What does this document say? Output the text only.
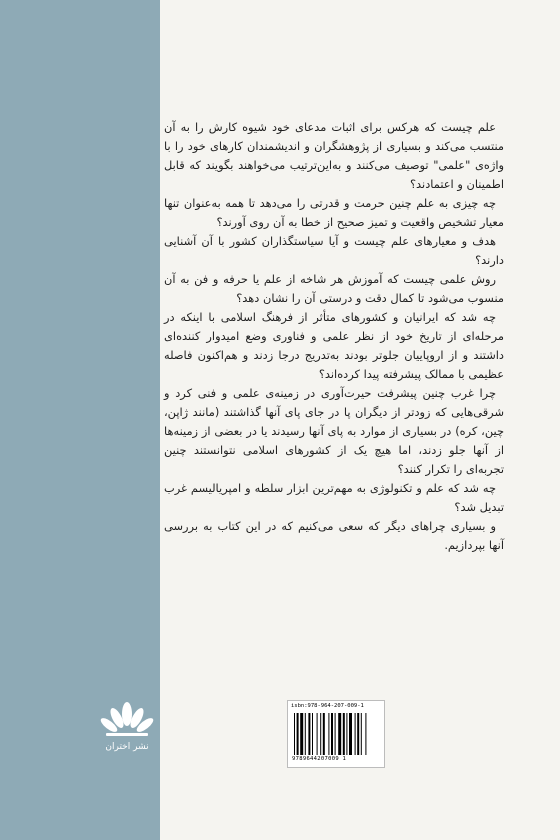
علم چیست که هرکس برای اثبات مدعای خود شیوه کارش را به آن منتسب می‌کند و بسیاری از پژوهشگران و اندیشمندان کارهای خود را با واژه‌ی "علمی" توصیف می‌کنند و به‌این‌ترتیب می‌خواهند بگویند که قابل اطمینان و اعتمادند؟

چه چیزی به علم چنین حرمت و قدرتی را می‌دهد تا همه به‌عنوان تنها معیار تشخیص واقعیت و تمیز صحیح از خطا به آن روی آورند؟

هدف و معیارهای علم چیست و آیا سیاستگذاران کشور با آن آشنایی دارند؟

روش علمی چیست که آموزش هر شاخه از علم یا حرفه و فن به آن منسوب می‌شود تا کمال دقت و درستی آن را نشان دهد؟

چه شد که ایرانیان و کشورهای متأثر از فرهنگ اسلامی با اینکه در مرحله‌ای از تاریخ خود از نظر علمی و فناوری وضع امیدوار کننده‌ای داشتند و از اروپاییان جلوتر بودند به‌تدریج درجا زدند و هم‌اکنون فاصله عظیمی با ممالک پیشرفته پیدا کرده‌اند؟

چرا غرب چنین پیشرفت حیرت‌آوری در زمینه‌ی علمی و فنی کرد و شرقی‌هایی که زودتر از دیگران پا در جای پای آنها گذاشتند (مانند ژاپن، چین، کره) در بسیاری از موارد به پای آنها رسیدند یا در بعضی از زمینه‌ها از آنها جلو زدند، اما هیچ یک از کشورهای اسلامی نتوانستند چنین تجربه‌ای را تکرار کنند؟

چه شد که علم و تکنولوژی به مهم‌ترین ابزار سلطه و امپریالیسم غرب تبدیل شد؟

و بسیاری چراهای دیگر که سعی می‌کنیم که در این کتاب به بررسی آنها بپردازیم.

isbn:978-964-207-009-1
9789644207009 1
نشر اختران
